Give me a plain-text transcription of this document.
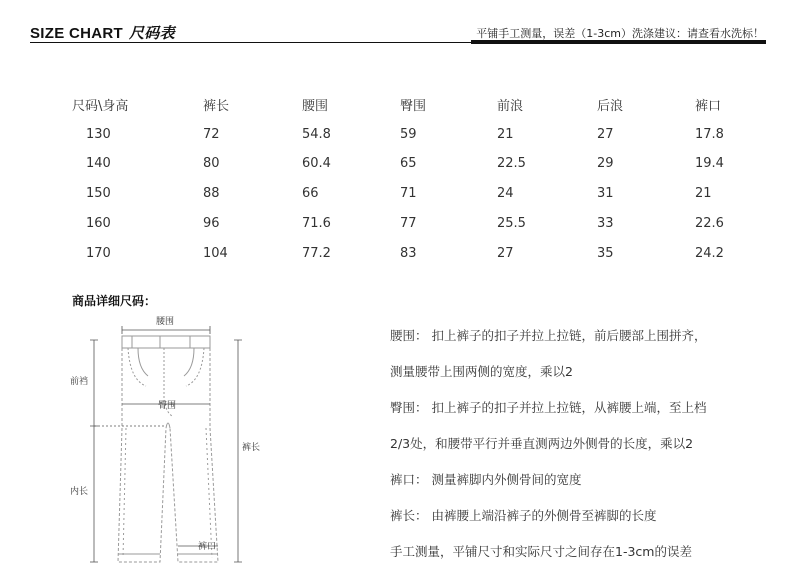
SIZE CHART 尺码表	平铺手工测量，误差（1-3cm）洗涤建议：请查看水洗标！
尺码\身高	裤长	腰围	臀围	前浪	后浪	裤口
130	72	54.8	59	21	27	17.8
140	80	60.4	65	22.5	29	19.4
150	88	66	71	24	31	21
160	96	71.6	77	25.5	33	22.6
170	104	77.2	83	27	35	24.2
商品详细尺码：
腰围
臀围
前裆
内长
裤长
裤口
腰围： 扣上裤子的扣子并拉上拉链，前后腰部上围拼齐，
测量腰带上围两侧的宽度，乘以2
臀围： 扣上裤子的扣子并拉上拉链，从裤腰上端，至上档
2/3处，和腰带平行并垂直测两边外侧骨的长度，乘以2
裤口： 测量裤脚内外侧骨间的宽度
裤长： 由裤腰上端沿裤子的外侧骨至裤脚的长度
手工测量，平铺尺寸和实际尺寸之间存在1-3cm的误差
